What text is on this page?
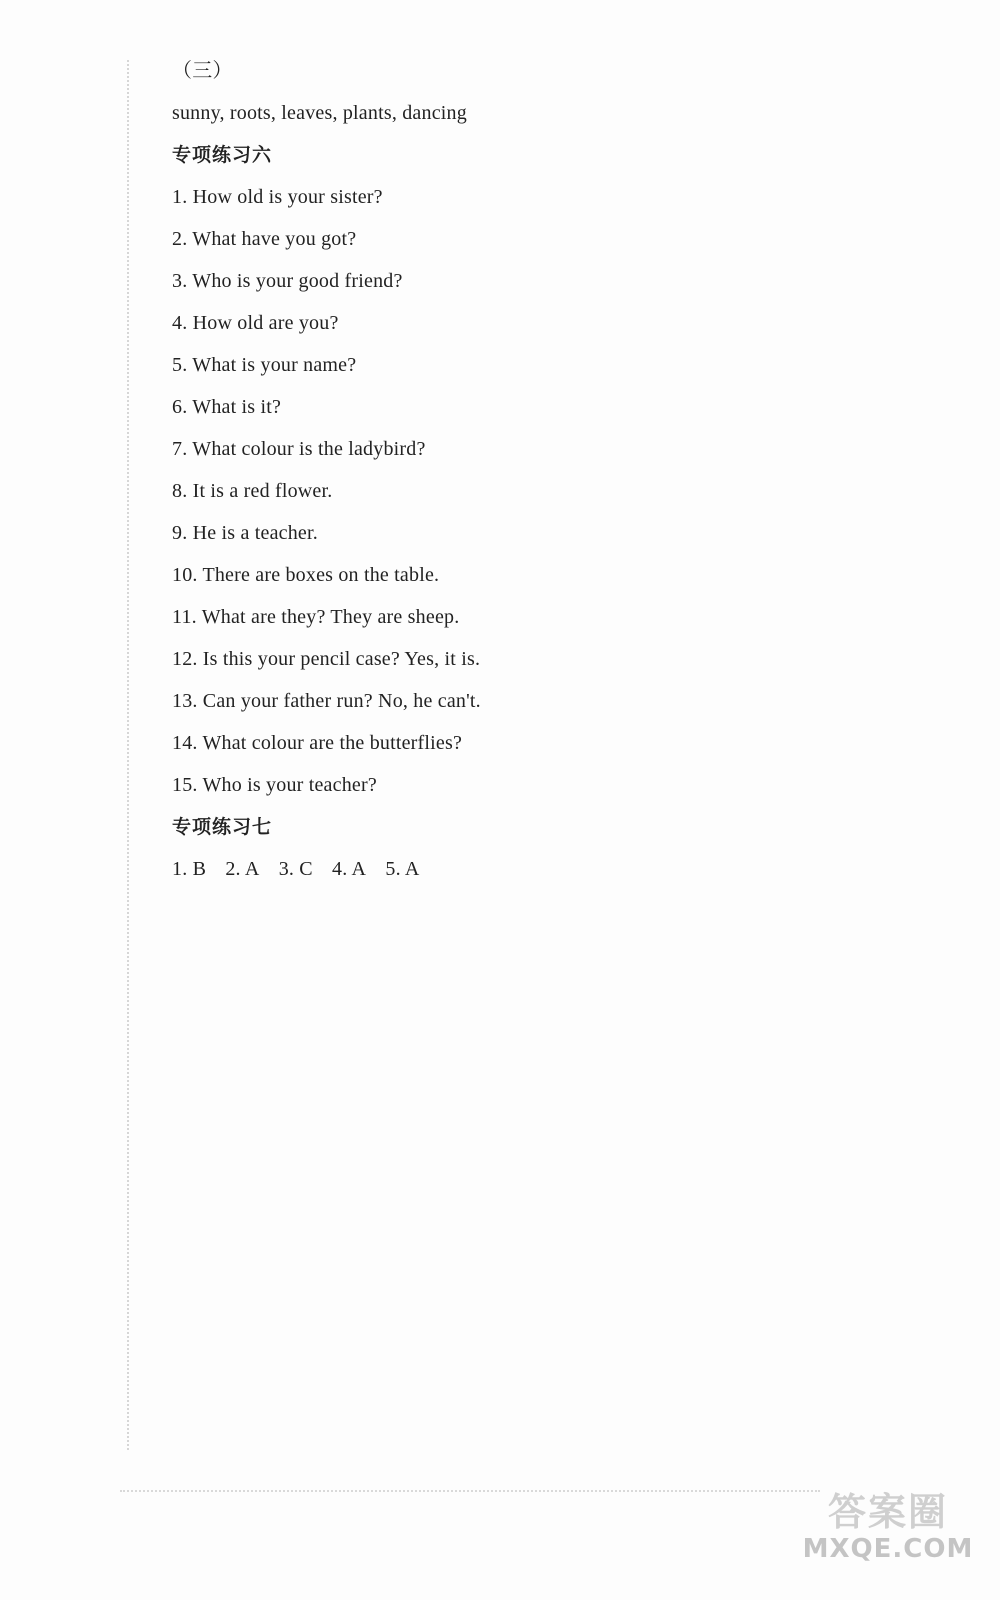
（三）
sunny, roots, leaves, plants, dancing
专项练习六
1. How old is your sister?
2. What have you got?
3. Who is your good friend?
4. How old are you?
5. What is your name?
6. What is it?
7. What colour is the ladybird?
8. It is a red flower.
9. He is a teacher.
10. There are boxes on the table.
11. What are they? They are sheep.
12. Is this your pencil case? Yes, it is.
13. Can your father run? No, he can't.
14. What colour are the butterflies?
15. Who is your teacher?
专项练习七
1. B 2. A 3. C 4. A 5. A
答案圈
MXQE.COM
